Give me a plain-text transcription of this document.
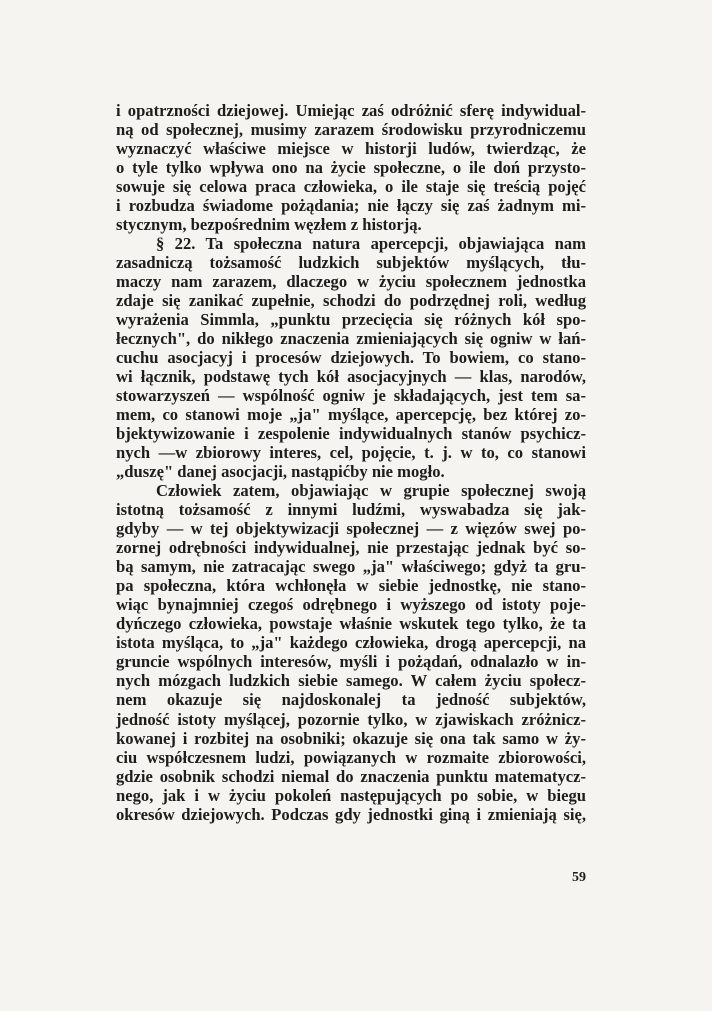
i opatrzności dziejowej. Umiejąc zaś odróżnić sferę indywidual-
ną od społecznej, musimy zarazem środowisku przyrodniczemu
wyznaczyć właściwe miejsce w historji ludów, twierdząc, że
o tyle tylko wpływa ono na życie społeczne, o ile doń przysto-
sowuje się celowa praca człowieka, o ile staje się treścią pojęć
i rozbudza świadome pożądania; nie łączy się zaś żadnym mi-
stycznym, bezpośrednim węzłem z historją.
§ 22. Ta społeczna natura apercepcji, objawiająca nam
zasadniczą tożsamość ludzkich subjektów myślących, tłu-
maczy nam zarazem, dlaczego w życiu społecznem jednostka
zdaje się zanikać zupełnie, schodzi do podrzędnej roli, według
wyrażenia Simmla, „punktu przecięcia się różnych kół spo-
łecznych", do nikłego znaczenia zmieniających się ogniw w łań-
cuchu asocjacyj i procesów dziejowych. To bowiem, co stano-
wi łącznik, podstawę tych kół asocjacyjnych — klas, narodów,
stowarzyszeń — wspólność ogniw je składających, jest tem sa-
mem, co stanowi moje „ja" myślące, apercepcję, bez której zo-
bjektywizowanie i zespolenie indywidualnych stanów psychicz-
nych —w zbiorowy interes, cel, pojęcie, t. j. w to, co stanowi
„duszę" danej asocjacji, nastąpićby nie mogło.
Człowiek zatem, objawiając w grupie społecznej swoją
istotną tożsamość z innymi ludźmi, wyswabadza się jak-
gdyby — w tej objektywizacji społecznej — z więzów swej po-
zornej odrębności indywidualnej, nie przestając jednak być so-
bą samym, nie zatracając swego „ja" właściwego; gdyż ta gru-
pa społeczna, która wchłonęła w siebie jednostkę, nie stano-
wiąc bynajmniej czegoś odrębnego i wyższego od istoty poje-
dyńczego człowieka, powstaje właśnie wskutek tego tylko, że ta
istota myśląca, to „ja" każdego człowieka, drogą apercepcji, na
gruncie wspólnych interesów, myśli i pożądań, odnalazło w in-
nych mózgach ludzkich siebie samego. W całem życiu społecz-
nem okazuje się najdoskonalej ta jedność subjektów,
jedność istoty myślącej, pozornie tylko, w zjawiskach zróżnicz-
kowanej i rozbitej na osobniki; okazuje się ona tak samo w ży-
ciu współczesnem ludzi, powiązanych w rozmaite zbiorowości,
gdzie osobnik schodzi niemal do znaczenia punktu matematycz-
nego, jak i w życiu pokoleń następujących po sobie, w biegu
okresów dziejowych. Podczas gdy jednostki giną i zmieniają się,
59
